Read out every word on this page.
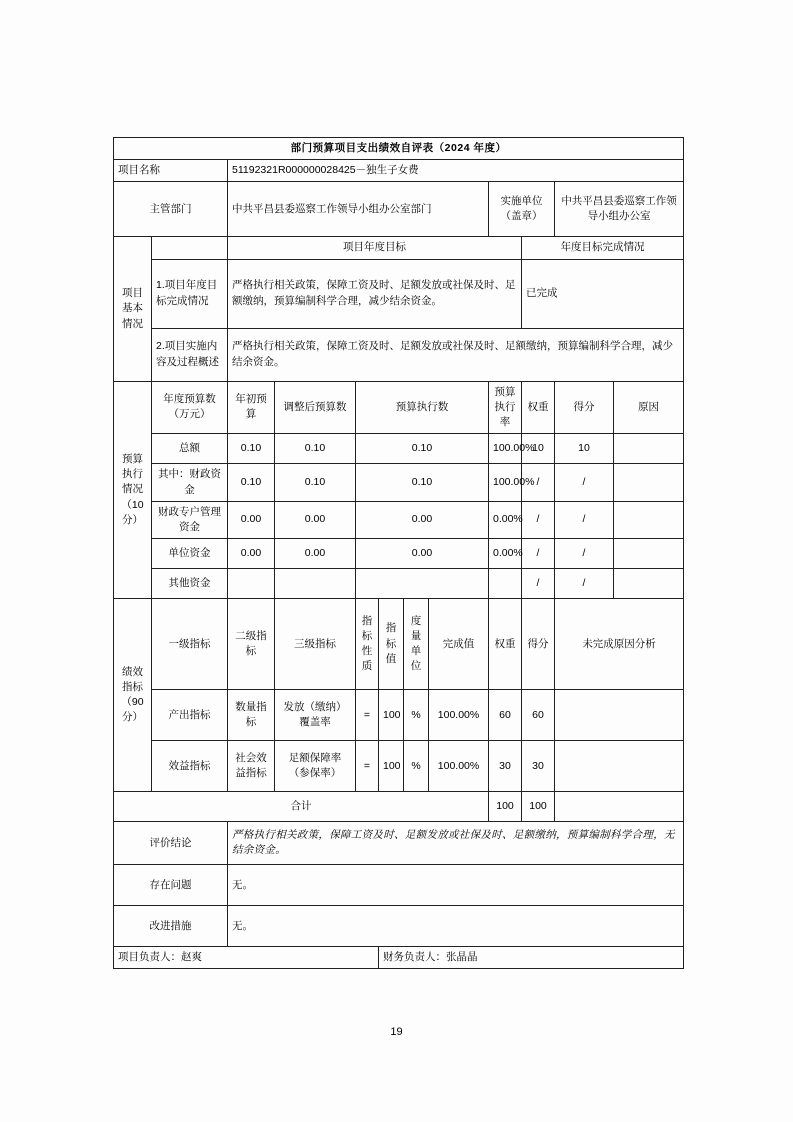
部门预算项目支出绩效自评表（2024 年度）											
项目名称		51192321R000000028425－独生子女费									
主管部门		中共平昌县委巡察工作领导小组办公室部门						实施单位 （盖章）		中共平昌县委巡察工作领导小组办公室	
项目基本情况		项目年度目标							年度目标完成情况		
	1.项目年度目标完成情况	严格执行相关政策，保障工资及时、足额发放或社保及时、足额缴纳，预算编制科学合理，减少结余资金。							已完成		
	2.项目实施内容及过程概述	严格执行相关政策，保障工资及时、足额发放或社保及时、足额缴纳，预算编制科学合理，减少结余资金。									
预算执行情况（10 分）	年度预算数（万元）	年初预算	调整后预算数	预算执行数				预算执行率	权重	得分	原因
	总额	0.10	0.10	0.10				100.00%	10	10	
	其中：财政资金	0.10	0.10	0.10				100.00%	/	/	
	财政专户管理资金	0.00	0.00	0.00				0.00%	/	/	
	单位资金	0.00	0.00	0.00				0.00%	/	/	
	其他资金								/	/	
绩效指标（90 分）	一级指标	二级指标	三级指标	指标性质	指标值	度量单位	完成值	权重	得分	未完成原因分析	
	产出指标	数量指标	发放（缴纳）覆盖率	=	100	%	100.00%	60	60		
	效益指标	社会效益指标	足额保障率（参保率）	=	100	%	100.00%	30	30		
合计								100	100		
评价结论		严格执行相关政策，保障工资及时、足额发放或社保及时、足额缴纳，预算编制科学合理，无结余资金。									
存在问题		无。									
改进措施		无。									
项目负责人：赵爽					财务负责人：张晶晶						
19
